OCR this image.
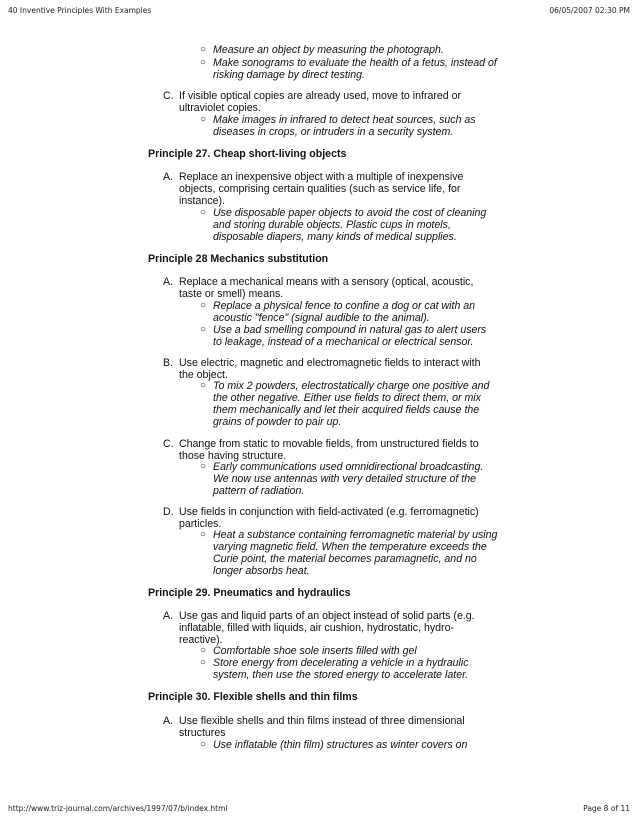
40 Inventive Principles With Examples	06/05/2007 02:30 PM
○ Measure an object by measuring the photograph.
○ Make sonograms to evaluate the health of a fetus, instead of
risking damage by direct testing.
C. If visible optical copies are already used, move to infrared or
ultraviolet copies.
○ Make images in infrared to detect heat sources, such as
diseases in crops, or intruders in a security system.
Principle 27. Cheap short-living objects
A. Replace an inexpensive object with a multiple of inexpensive
objects, comprising certain qualities (such as service life, for
instance).
○ Use disposable paper objects to avoid the cost of cleaning
and storing durable objects. Plastic cups in motels,
disposable diapers, many kinds of medical supplies.
Principle 28 Mechanics substitution
A. Replace a mechanical means with a sensory (optical, acoustic,
taste or smell) means.
○ Replace a physical fence to confine a dog or cat with an
acoustic "fence" (signal audible to the animal).
○ Use a bad smelling compound in natural gas to alert users
to leakage, instead of a mechanical or electrical sensor.
B. Use electric, magnetic and electromagnetic fields to interact with
the object.
○ To mix 2 powders, electrostatically charge one positive and
the other negative. Either use fields to direct them, or mix
them mechanically and let their acquired fields cause the
grains of powder to pair up.
C. Change from static to movable fields, from unstructured fields to
those having structure.
○ Early communications used omnidirectional broadcasting.
We now use antennas with very detailed structure of the
pattern of radiation.
D. Use fields in conjunction with field-activated (e.g. ferromagnetic)
particles.
○ Heat a substance containing ferromagnetic material by using
varying magnetic field. When the temperature exceeds the
Curie point, the material becomes paramagnetic, and no
longer absorbs heat.
Principle 29. Pneumatics and hydraulics
A. Use gas and liquid parts of an object instead of solid parts (e.g.
inflatable, filled with liquids, air cushion, hydrostatic, hydro-
reactive).
○ Comfortable shoe sole inserts filled with gel
○ Store energy from decelerating a vehicle in a hydraulic
system, then use the stored energy to accelerate later.
Principle 30. Flexible shells and thin films
A. Use flexible shells and thin films instead of three dimensional
structures
○ Use inflatable (thin film) structures as winter covers on
http://www.triz-journal.com/archives/1997/07/b/index.html	Page 8 of 11
